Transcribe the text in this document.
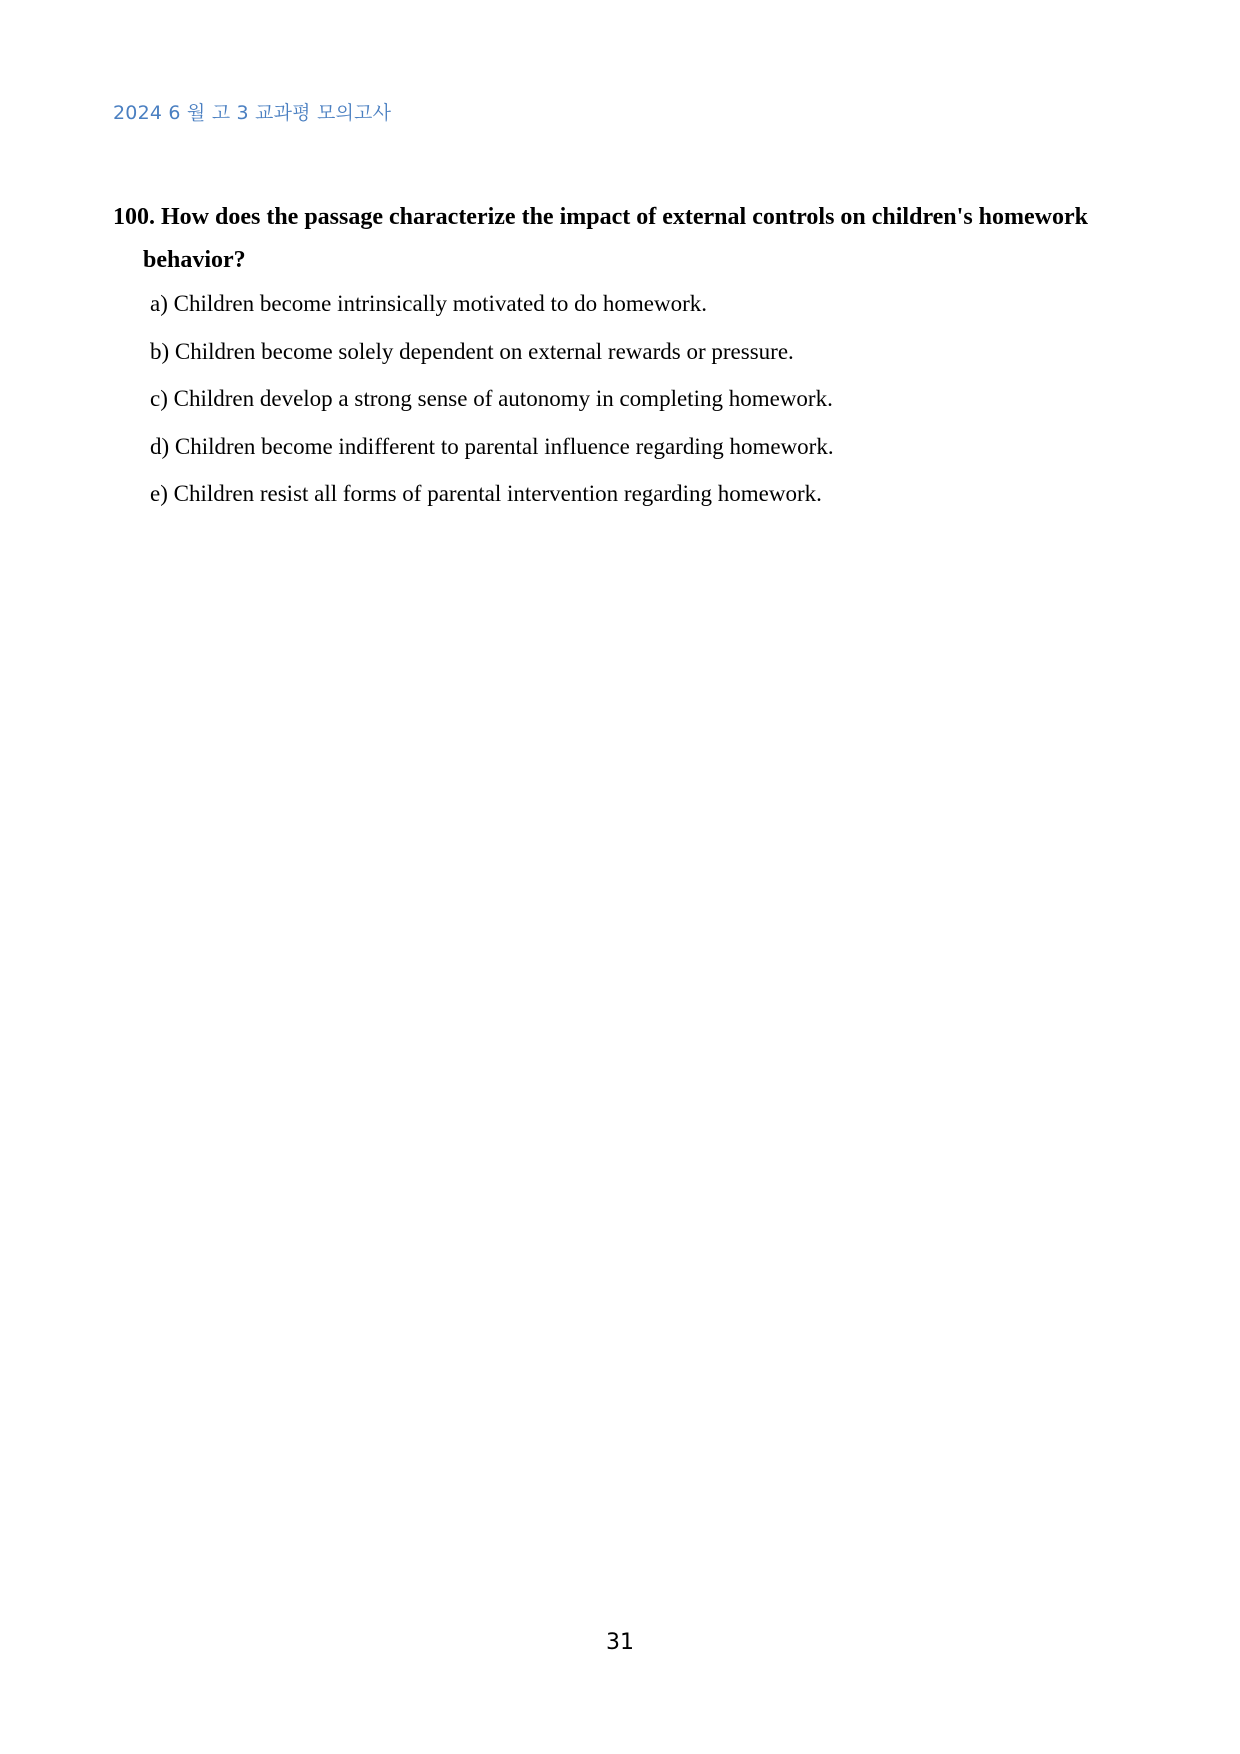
2024 6 월 고 3 교과평 모의고사
100. How does the passage characterize the impact of external controls on children's homework behavior?
a) Children become intrinsically motivated to do homework.
b) Children become solely dependent on external rewards or pressure.
c) Children develop a strong sense of autonomy in completing homework.
d) Children become indifferent to parental influence regarding homework.
e) Children resist all forms of parental intervention regarding homework.
31
